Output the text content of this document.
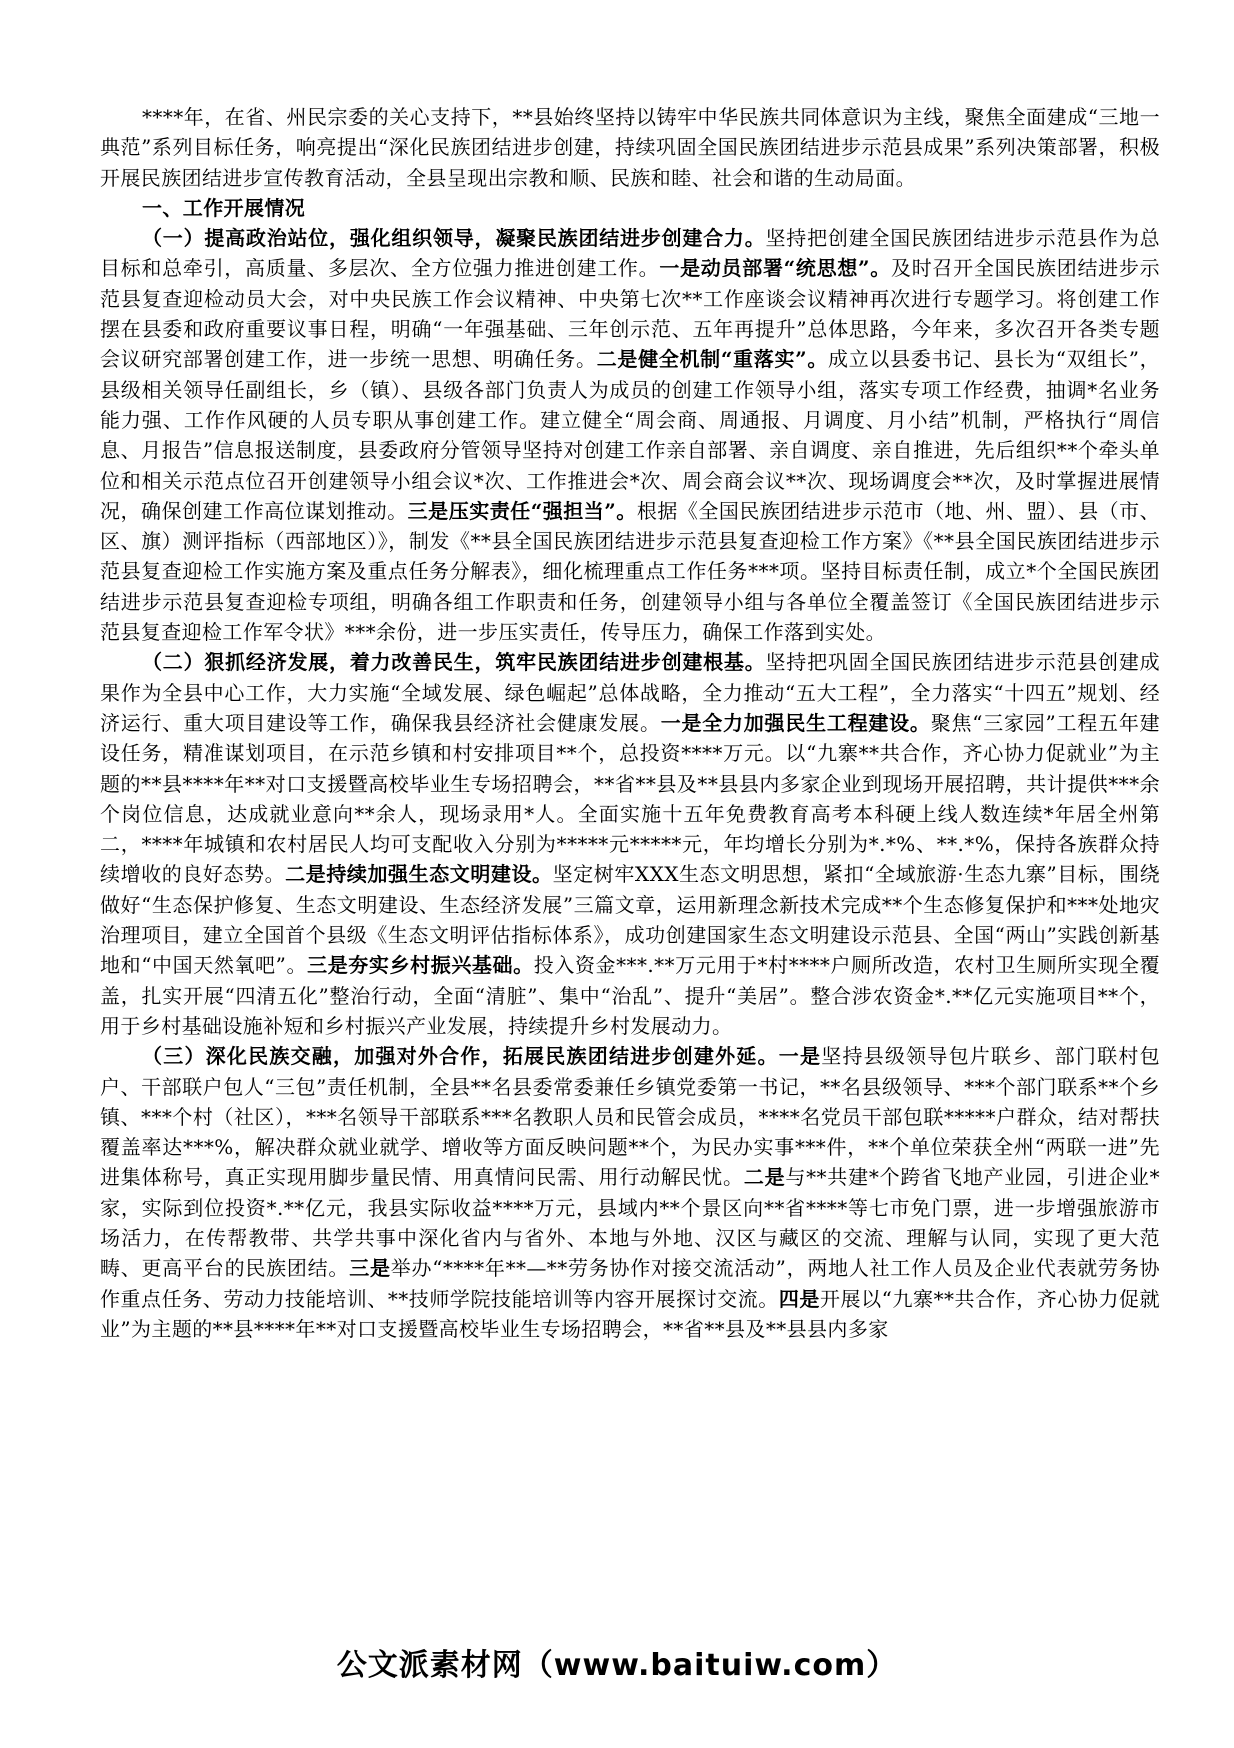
****年，在省、州民宗委的关心支持下，**县始终坚持以铸牢中华民族共同体意识为主线，聚焦全面建成“三地一典范”系列目标任务，响亮提出“深化民族团结进步创建，持续巩固全国民族团结进步示范县成果”系列决策部署，积极开展民族团结进步宣传教育活动，全县呈现出宗教和顺、民族和睦、社会和谐的生动局面。

一、工作开展情况

（一）提高政治站位，强化组织领导，凝聚民族团结进步创建合力。坚持把创建全国民族团结进步示范县作为总目标和总牵引，高质量、多层次、全方位强力推进创建工作。一是动员部署“统思想”。及时召开全国民族团结进步示范县复查迎检动员大会，对中央民族工作会议精神、中央第七次**工作座谈会议精神再次进行专题学习。将创建工作摆在县委和政府重要议事日程，明确“一年强基础、三年创示范、五年再提升”总体思路，今年来，多次召开各类专题会议研究部署创建工作，进一步统一思想、明确任务。二是健全机制“重落实”。成立以县委书记、县长为“双组长”，县级相关领导任副组长，乡（镇）、县级各部门负责人为成员的创建工作领导小组，落实专项工作经费，抽调*名业务能力强、工作作风硬的人员专职从事创建工作。建立健全“周会商、周通报、月调度、月小结”机制，严格执行“周信息、月报告”信息报送制度，县委政府分管领导坚持对创建工作亲自部署、亲自调度、亲自推进，先后组织**个牵头单位和相关示范点位召开创建领导小组会议*次、工作推进会*次、周会商会议**次、现场调度会**次，及时掌握进展情况，确保创建工作高位谋划推动。三是压实责任“强担当”。根据《全国民族团结进步示范市（地、州、盟）、县（市、区、旗）测评指标（西部地区）》，制发《**县全国民族团结进步示范县复查迎检工作方案》《**县全国民族团结进步示范县复查迎检工作实施方案及重点任务分解表》，细化梳理重点工作任务***项。坚持目标责任制，成立*个全国民族团结进步示范县复查迎检专项组，明确各组工作职责和任务，创建领导小组与各单位全覆盖签订《全国民族团结进步示范县复查迎检工作军令状》***余份，进一步压实责任，传导压力，确保工作落到实处。

（二）狠抓经济发展，着力改善民生，筑牢民族团结进步创建根基。坚持把巩固全国民族团结进步示范县创建成果作为全县中心工作，大力实施“全域发展、绿色崛起”总体战略，全力推动“五大工程”，全力落实“十四五”规划、经济运行、重大项目建设等工作，确保我县经济社会健康发展。一是全力加强民生工程建设。聚焦“三家园”工程五年建设任务，精准谋划项目，在示范乡镇和村安排项目**个，总投资****万元。以“九寨**共合作，齐心协力促就业”为主题的**县****年**对口支援暨高校毕业生专场招聘会，**省**县及**县县内多家企业到现场开展招聘，共计提供***余个岗位信息，达成就业意向**余人，现场录用*人。全面实施十五年免费教育高考本科硬上线人数连续*年居全州第二，****年城镇和农村居民人均可支配收入分别为*****元*****元，年均增长分别为*.*%、**.*%，保持各族群众持续增收的良好态势。二是持续加强生态文明建设。坚定树牢XXX生态文明思想，紧扣“全域旅游·生态九寨”目标，围绕做好“生态保护修复、生态文明建设、生态经济发展”三篇文章，运用新理念新技术完成**个生态修复保护和***处地灾治理项目，建立全国首个县级《生态文明评估指标体系》，成功创建国家生态文明建设示范县、全国“两山”实践创新基地和“中国天然氧吧”。三是夯实乡村振兴基础。投入资金***.**万元用于*村****户厕所改造，农村卫生厕所实现全覆盖，扎实开展“四清五化”整治行动，全面“清脏”、集中“治乱”、提升“美居”。整合涉农资金*.**亿元实施项目**个，用于乡村基础设施补短和乡村振兴产业发展，持续提升乡村发展动力。

（三）深化民族交融，加强对外合作，拓展民族团结进步创建外延。一是坚持县级领导包片联乡、部门联村包户、干部联户包人“三包”责任机制，全县**名县委常委兼任乡镇党委第一书记，**名县级领导、***个部门联系**个乡镇、***个村（社区），***名领导干部联系***名教职人员和民管会成员，****名党员干部包联*****户群众，结对帮扶覆盖率达***%，解决群众就业就学、增收等方面反映问题**个，为民办实事***件，**个单位荣获全州“两联一进”先进集体称号，真正实现用脚步量民情、用真情问民需、用行动解民忧。二是与**共建*个跨省飞地产业园，引进企业*家，实际到位投资*.**亿元，我县实际收益****万元，县域内**个景区向**省****等七市免门票，进一步增强旅游市场活力，在传帮教带、共学共事中深化省内与省外、本地与外地、汉区与藏区的交流、理解与认同，实现了更大范畴、更高平台的民族团结。三是举办“****年**—**劳务协作对接交流活动”，两地人社工作人员及企业代表就劳务协作重点任务、劳动力技能培训、**技师学院技能培训等内容开展探讨交流。四是开展以“九寨**共合作，齐心协力促就业”为主题的**县****年**对口支援暨高校毕业生专场招聘会，**省**县及**县县内多家

公文派素材网（www.baituiw.com）
